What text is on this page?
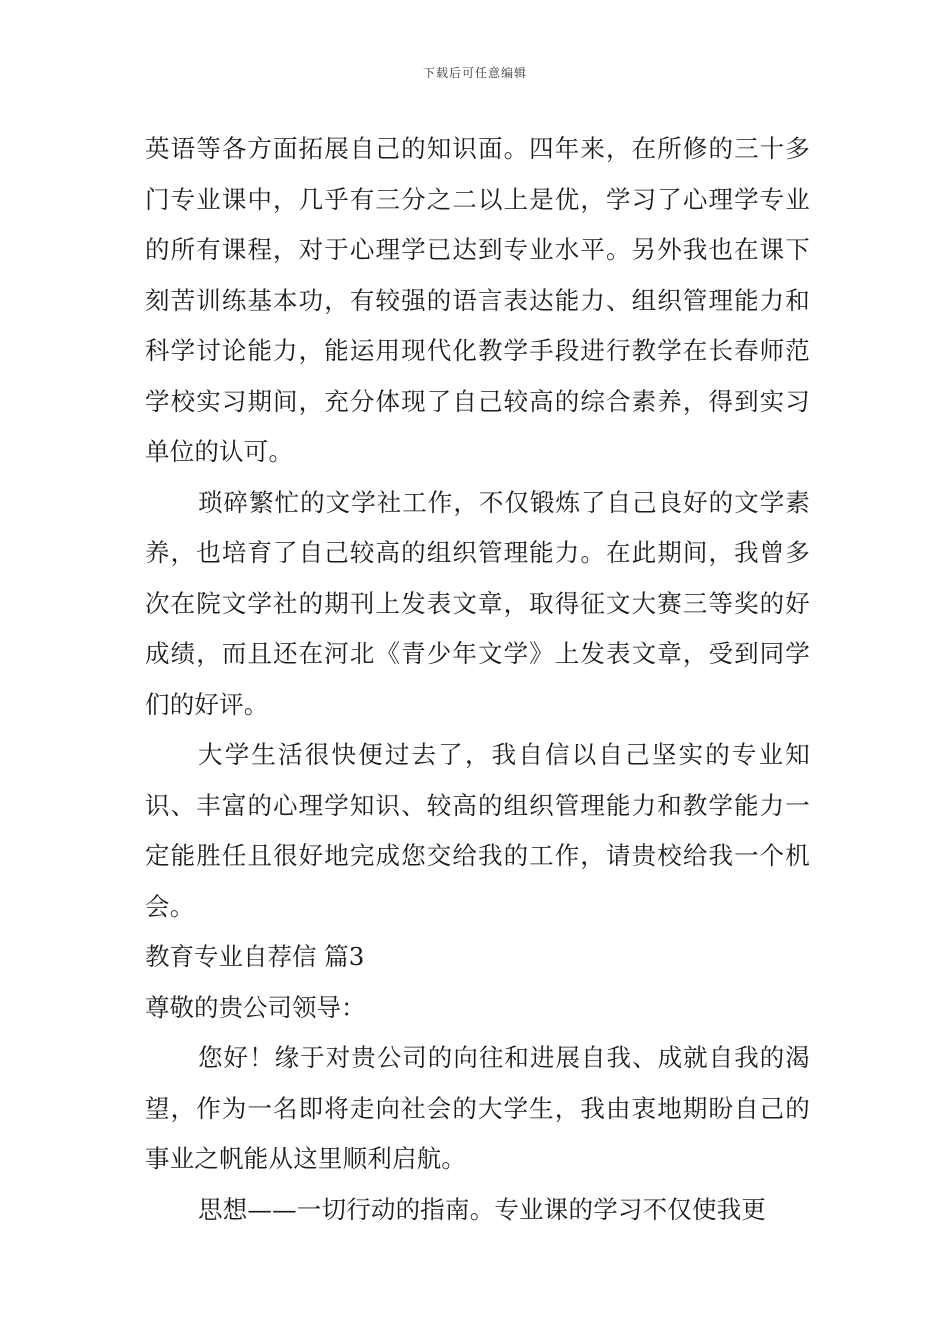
下载后可任意编辑

英语等各方面拓展自己的知识面。四年来，在所修的三十多门专业课中，几乎有三分之二以上是优，学习了心理学专业的所有课程，对于心理学已达到专业水平。另外我也在课下刻苦训练基本功，有较强的语言表达能力、组织管理能力和科学讨论能力，能运用现代化教学手段进行教学在长春师范学校实习期间，充分体现了自己较高的综合素养，得到实习单位的认可。

琐碎繁忙的文学社工作，不仅锻炼了自己良好的文学素养，也培育了自己较高的组织管理能力。在此期间，我曾多次在院文学社的期刊上发表文章，取得征文大赛三等奖的好成绩，而且还在河北《青少年文学》上发表文章，受到同学们的好评。

大学生活很快便过去了，我自信以自己坚实的专业知识、丰富的心理学知识、较高的组织管理能力和教学能力一定能胜任且很好地完成您交给我的工作，请贵校给我一个机会。

教育专业自荐信 篇3

尊敬的贵公司领导：

您好！缘于对贵公司的向往和进展自我、成就自我的渴望，作为一名即将走向社会的大学生，我由衷地期盼自己的事业之帆能从这里顺利启航。

思想——一切行动的指南。专业课的学习不仅使我更
